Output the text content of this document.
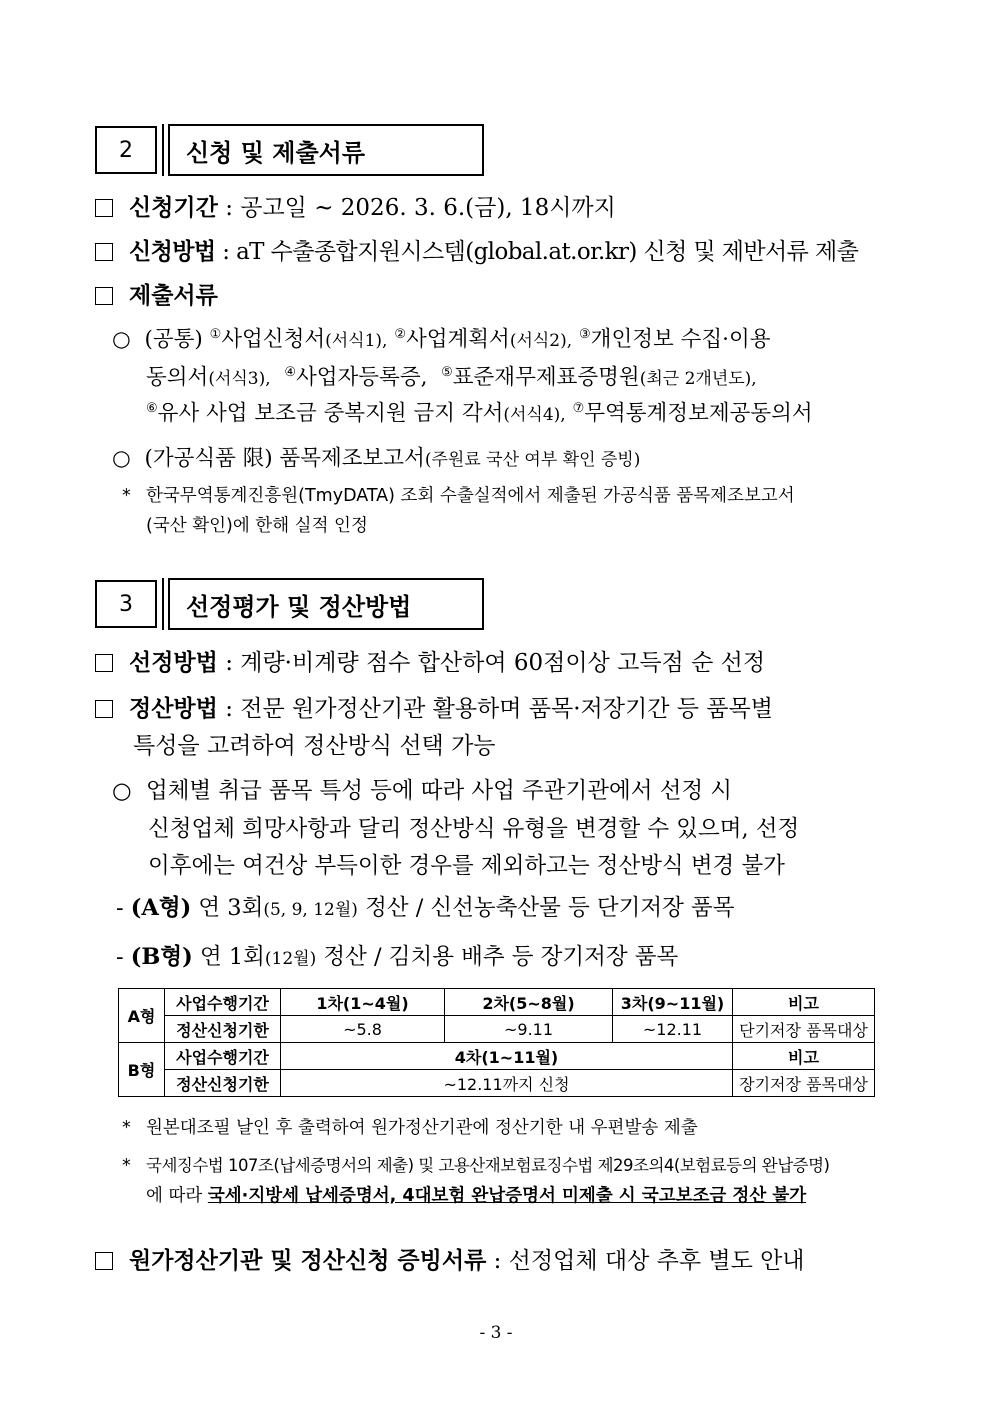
2	신청 및 제출서류
신청기간 : 공고일 ~ 2026. 3. 6.(금), 18시까지
신청방법 : aT 수출종합지원시스템(global.at.or.kr) 신청 및 제반서류 제출
제출서류
○ (공통) ①사업신청서(서식1), ②사업계획서(서식2), ③개인정보 수집·이용
동의서(서식3), ④사업자등록증, ⑤표준재무제표증명원(최근 2개년도),
⑥유사 사업 보조금 중복지원 금지 각서(서식4), ⑦무역통계정보제공동의서
○ (가공식품 限) 품목제조보고서(주원료 국산 여부 확인 증빙)
* 한국무역통계진흥원(TmyDATA) 조회 수출실적에서 제출된 가공식품 품목제조보고서
(국산 확인)에 한해 실적 인정
3	선정평가 및 정산방법
선정방법 : 계량·비계량 점수 합산하여 60점이상 고득점 순 선정
정산방법 : 전문 원가정산기관 활용하며 품목·저장기간 등 품목별
특성을 고려하여 정산방식 선택 가능
○ 업체별 취급 품목 특성 등에 따라 사업 주관기관에서 선정 시
신청업체 희망사항과 달리 정산방식 유형을 변경할 수 있으며, 선정
이후에는 여건상 부득이한 경우를 제외하고는 정산방식 변경 불가
- (A형) 연 3회(5, 9, 12월) 정산 / 신선농축산물 등 단기저장 품목
- (B형) 연 1회(12월) 정산 / 김치용 배추 등 장기저장 품목
A형	사업수행기간	1차(1~4월)	2차(5~8월)	3차(9~11월)	비고
	정산신청기한	~5.8	~9.11	~12.11	단기저장 품목대상
B형	사업수행기간	4차(1~11월)			비고
	정산신청기한	~12.11까지 신청			장기저장 품목대상
* 원본대조필 날인 후 출력하여 원가정산기관에 정산기한 내 우편발송 제출
* 국세징수법 107조(납세증명서의 제출) 및 고용산재보험료징수법 제29조의4(보험료등의 완납증명)
에 따라 국세·지방세 납세증명서, 4대보험 완납증명서 미제출 시 국고보조금 정산 불가
원가정산기관 및 정산신청 증빙서류 : 선정업체 대상 추후 별도 안내
- 3 -
